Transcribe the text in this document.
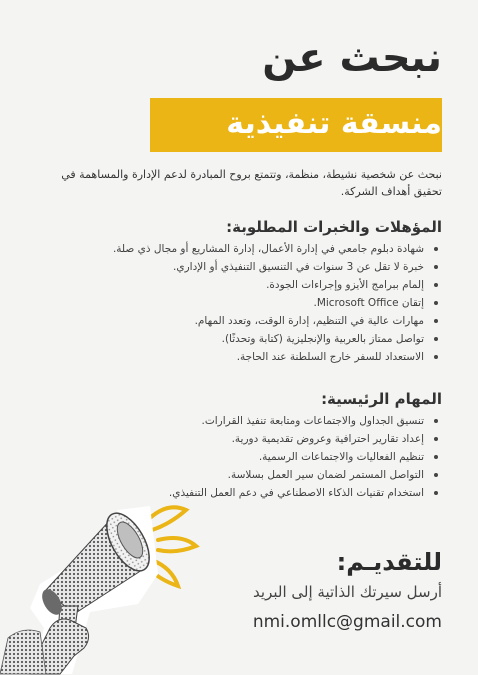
نبحث عن
منسقة تنفيذية

نبحث عن شخصية نشيطة، منظمة، وتتمتع بروح المبادرة لدعم الإدارة والمساهمة في تحقيق أهداف الشركة.

المؤهلات والخبرات المطلوبة:
شهادة دبلوم جامعي في إدارة الأعمال، إدارة المشاريع أو مجال ذي صلة.
خبرة لا تقل عن 3 سنوات في التنسيق التنفيذي أو الإداري.
إلمام ببرامج الأيزو وإجراءات الجودة.
إتقان Microsoft Office.
مهارات عالية في التنظيم، إدارة الوقت، وتعدد المهام.
تواصل ممتاز بالعربية والإنجليزية (كتابة وتحدثًا).
الاستعداد للسفر خارج السلطنة عند الحاجة.
المهام الرئيسية:
تنسيق الجداول والاجتماعات ومتابعة تنفيذ القرارات.
إعداد تقارير احترافية وعروض تقديمية دورية.
تنظيم الفعاليات والاجتماعات الرسمية.
التواصل المستمر لضمان سير العمل بسلاسة.
استخدام تقنيات الذكاء الاصطناعي في دعم العمل التنفيذي.
للتقديـم:

أرسل سيرتك الذاتية إلى البريد

nmi.omllc@gmail.com
